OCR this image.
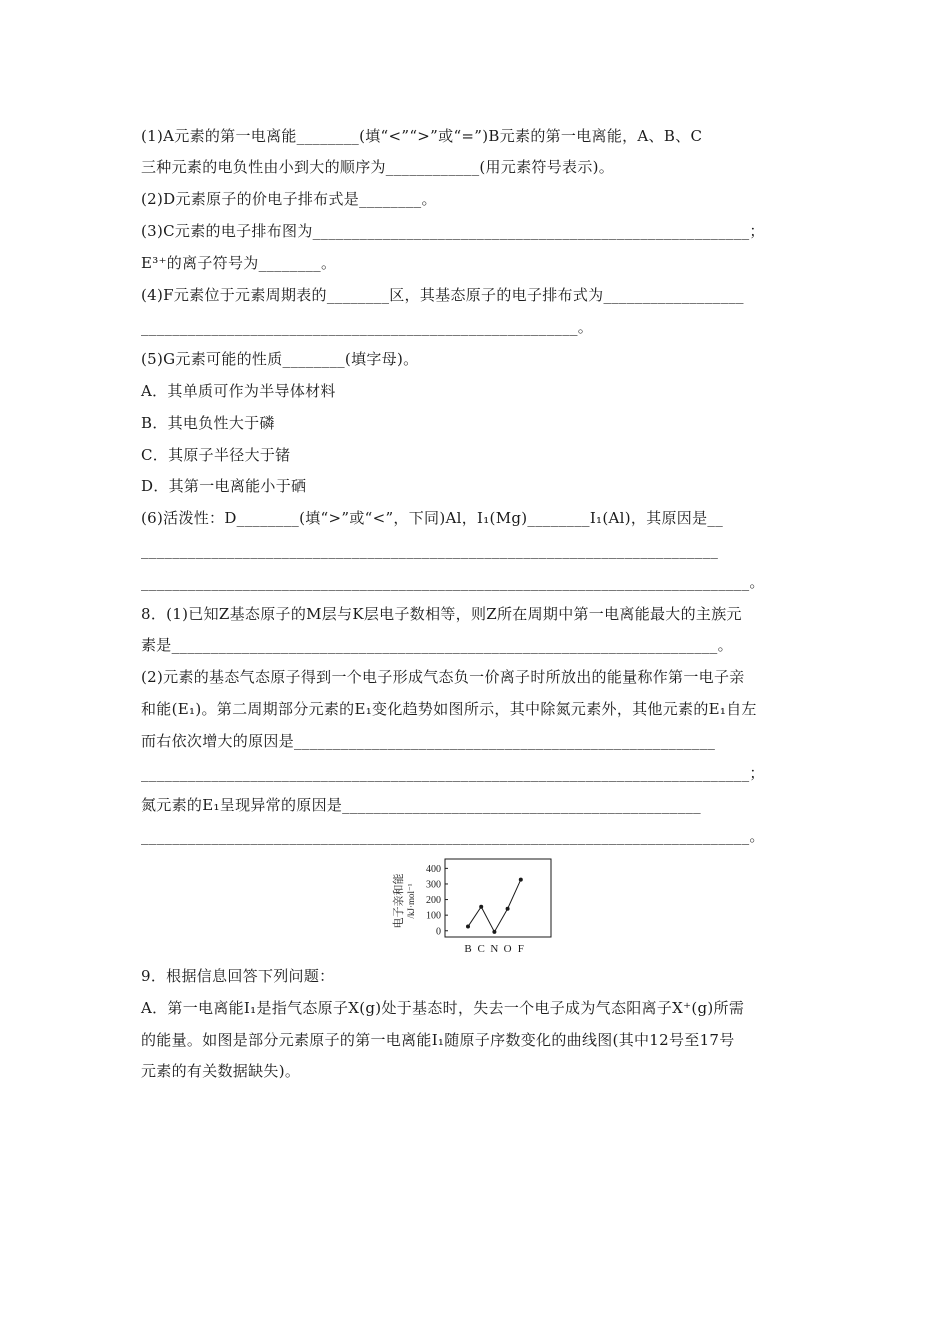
(1)A元素的第一电离能________(填“<”“>”或“=”)B元素的第一电离能，A、B、C
三种元素的电负性由小到大的顺序为____________(用元素符号表示)。
(2)D元素原子的价电子排布式是________。
(3)C元素的电子排布图为________________________________________________________；
E³⁺的离子符号为________。
(4)F元素位于元素周期表的________区，其基态原子的电子排布式为__________________
________________________________________________________。
(5)G元素可能的性质________(填字母)。
A．其单质可作为半导体材料
B．其电负性大于磷
C．其原子半径大于锗
D．其第一电离能小于硒
(6)活泼性：D________(填“>”或“<”，下同)Al，I₁(Mg)________I₁(Al)，其原因是__
__________________________________________________________________________
______________________________________________________________________________。
8．(1)已知Z基态原子的M层与K层电子数相等，则Z所在周期中第一电离能最大的主族元
素是______________________________________________________________________。
(2)元素的基态气态原子得到一个电子形成气态负一价离子时所放出的能量称作第一电子亲
和能(E₁)。第二周期部分元素的E₁变化趋势如图所示，其中除氮元素外，其他元素的E₁自左
而右依次增大的原因是______________________________________________________
______________________________________________________________________________；
氮元素的E₁呈现异常的原因是______________________________________________
______________________________________________________________________________。
电子亲和能 /kJ·mol⁻¹
400
300
200
100
0
B C N O F
9．根据信息回答下列问题：
A．第一电离能I₁是指气态原子X(g)处于基态时，失去一个电子成为气态阳离子X⁺(g)所需
的能量。如图是部分元素原子的第一电离能I₁随原子序数变化的曲线图(其中12号至17号
元素的有关数据缺失)。
